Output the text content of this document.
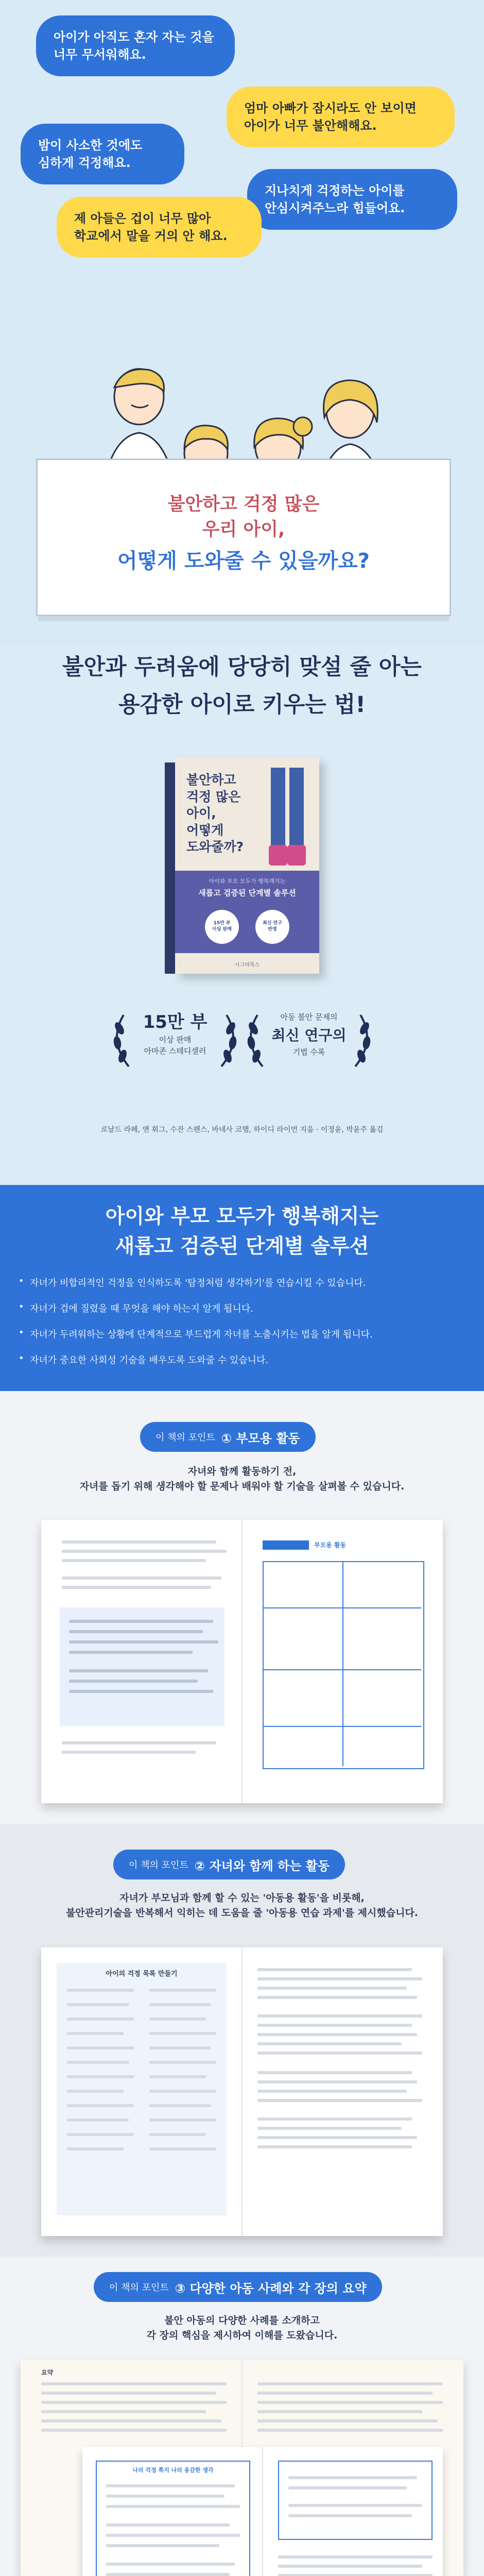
아이가 아직도 혼자 자는 것을
너무 무서워해요.
엄마 아빠가 잠시라도 안 보이면
아이가 너무 불안해해요.
밤이 사소한 것에도
심하게 걱정해요.
지나치게 걱정하는 아이를
안심시켜주느라 힘들어요.
제 아들은 겁이 너무 많아
학교에서 말을 거의 안 해요.
불안하고 걱정 많은
우리 아이,
어떻게 도와줄 수 있을까요?
불안과 두려움에 당당히 맞설 줄 아는
용감한 아이로 키우는 법!
불안하고
걱정 많은
아이,
어떻게
도와줄까?
아이와 부모 모두가 행복해지는
새롭고 검증된 단계별 솔루션
15만 부
이상 판매
최신 연구
반영
시그마북스
15만 부
이상 판매
아마존 스테디셀러
아동 불안 문제의
최신 연구의
기법 수록
로날드 라페, 앤 휘그, 수잔 스펜스, 바네사 코햄, 하이디 라이먼 지음 · 이정윤, 박윤주 옮김
아이와 부모 모두가 행복해지는
새롭고 검증된 단계별 솔루션
• 자녀가 비합리적인 걱정을 인식하도록 '탐정처럼 생각하기'를 연습시킬 수 있습니다.
• 자녀가 겁에 질렸을 때 무엇을 해야 하는지 알게 됩니다.
• 자녀가 두려워하는 상황에 단계적으로 부드럽게 자녀를 노출시키는 법을 알게 됩니다.
• 자녀가 중요한 사회성 기술을 배우도록 도와줄 수 있습니다.
이 책의 포인트 ① 부모용 활동
자녀와 함께 활동하기 전,
자녀를 돕기 위해 생각해야 할 문제나 배워야 할 기술을 살펴볼 수 있습니다.
부모용 활동
이 책의 포인트 ② 자녀와 함께 하는 활동
자녀가 부모님과 함께 할 수 있는 '아동용 활동'을 비롯해,
불안관리기술을 반복해서 익히는 데 도움을 줄 '아동용 연습 과제'를 제시했습니다.
아이의 걱정 목록 만들기
이 책의 포인트 ③ 다양한 아동 사례와 각 장의 요약
불안 아동의 다양한 사례를 소개하고
각 장의 핵심을 제시하여 이해를 도왔습니다.
요약
나의 걱정 쪽지 나의 용감한 생각
